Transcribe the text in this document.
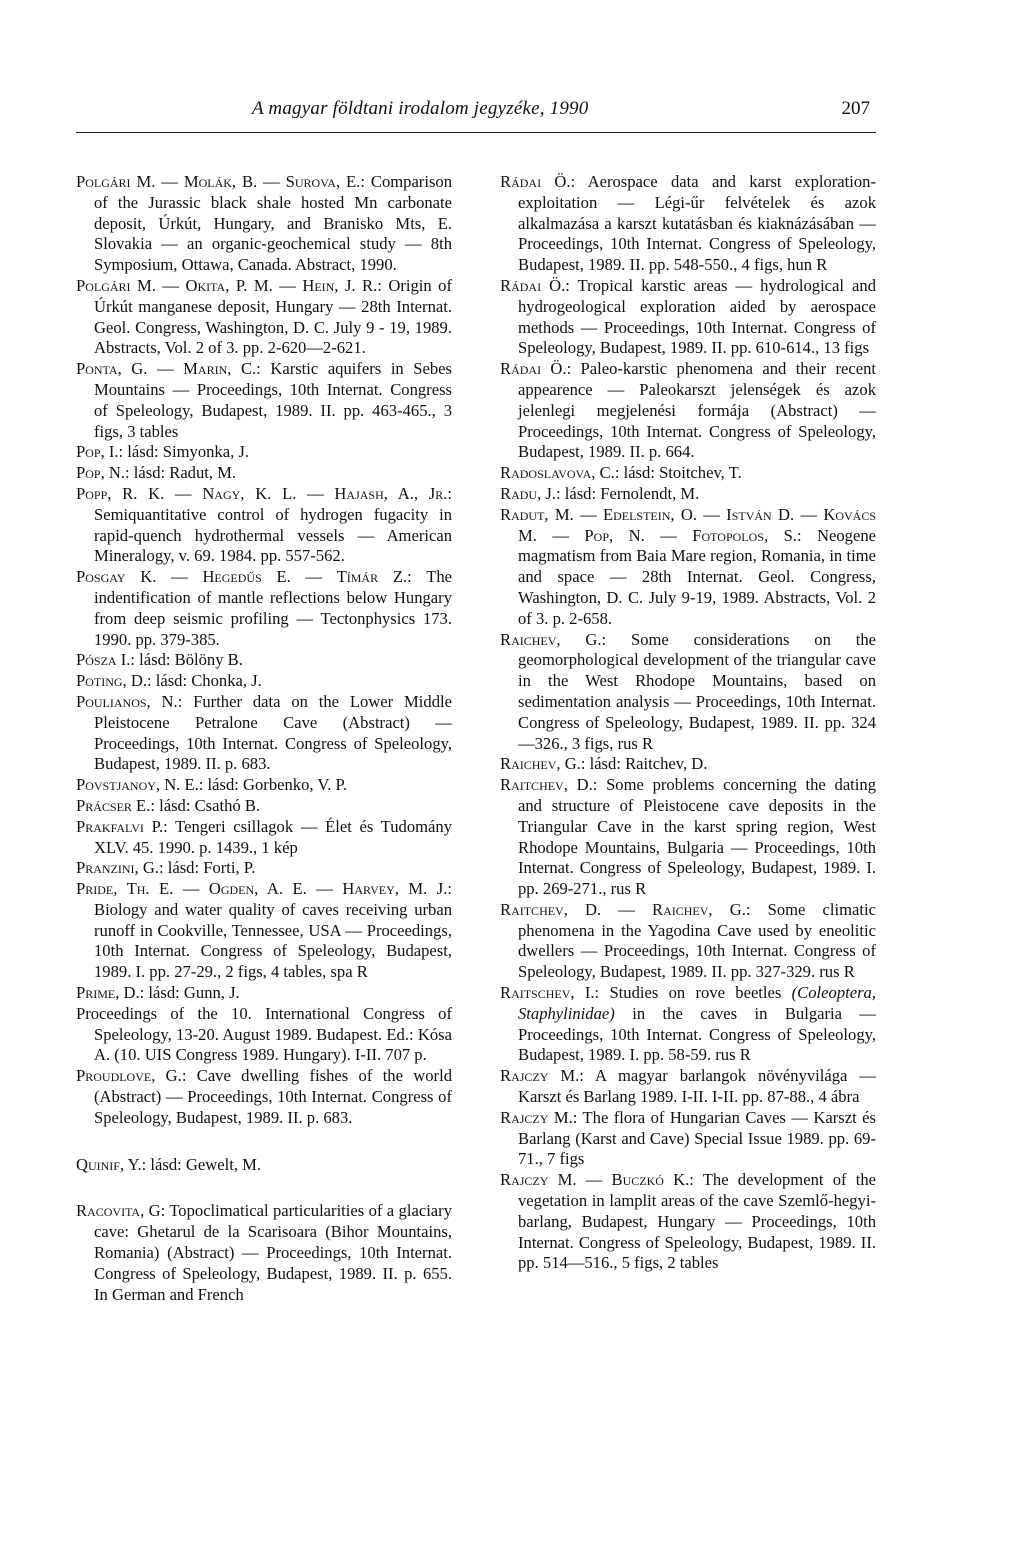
A magyar földtani irodalom jegyzéke, 1990	207

Polgári M. — Molák, B. — Surova, E.: Comparison of the Jurassic black shale hosted Mn carbonate deposit, Úrkút, Hungary, and Branisko Mts, E. Slovakia — an organic-geochemical study — 8th Symposium, Ottawa, Canada. Abstract, 1990.

Polgári M. — Okita, P. M. — Hein, J. R.: Origin of Úrkút manganese deposit, Hungary — 28th Internat. Geol. Congress, Washington, D. C. July 9 - 19, 1989. Abstracts, Vol. 2 of 3. pp. 2-620—2-621.

Ponta, G. — Marin, C.: Karstic aquifers in Sebes Mountains — Proceedings, 10th Internat. Congress of Speleology, Budapest, 1989. II. pp. 463-465., 3 figs, 3 tables

Pop, I.: lásd: Simyonka, J.

Pop, N.: lásd: Radut, M.

Popp, R. K. — Nagy, K. L. — Hajash, A., Jr.: Semiquantitative control of hydrogen fugacity in rapid-quench hydrothermal vessels — American Mineralogy, v. 69. 1984. pp. 557-562.

Posgay K. — Hegedűs E. — Tímár Z.: The indentification of mantle reflections below Hungary from deep seismic profiling — Tectonphysics 173. 1990. pp. 379-385.

Pósza I.: lásd: Bölöny B.

Poting, D.: lásd: Chonka, J.

Poulianos, N.: Further data on the Lower Middle Pleistocene Petralone Cave (Abstract) — Proceedings, 10th Internat. Congress of Speleology, Budapest, 1989. II. p. 683.

Povstjanoy, N. E.: lásd: Gorbenko, V. P.

Prácser E.: lásd: Csathó B.

Prakfalvi P.: Tengeri csillagok — Élet és Tudomány XLV. 45. 1990. p. 1439., 1 kép

Pranzini, G.: lásd: Forti, P.

Pride, Th. E. — Ogden, A. E. — Harvey, M. J.: Biology and water quality of caves receiving urban runoff in Cookville, Tennessee, USA — Proceedings, 10th Internat. Congress of Speleology, Budapest, 1989. I. pp. 27-29., 2 figs, 4 tables, spa R

Prime, D.: lásd: Gunn, J.

Proceedings of the 10. International Congress of Speleology, 13-20. August 1989. Budapest. Ed.: Kósa A. (10. UIS Congress 1989. Hungary). I-II. 707 p.

Proudlove, G.: Cave dwelling fishes of the world (Abstract) — Proceedings, 10th Internat. Congress of Speleology, Budapest, 1989. II. p. 683.

Quinif, Y.: lásd: Gewelt, M.

Racovita, G: Topoclimatical particularities of a glaciary cave: Ghetarul de la Scarisoara (Bihor Mountains, Romania) (Abstract) — Proceedings, 10th Internat. Congress of Speleology, Budapest, 1989. II. p. 655. In German and French

Rádai Ö.: Aerospace data and karst exploration-exploitation — Légi-űr felvételek és azok alkalmazása a karszt kutatásban és kiaknázásában — Proceedings, 10th Internat. Congress of Speleology, Budapest, 1989. II. pp. 548-550., 4 figs, hun R

Rádai Ö.: Tropical karstic areas — hydrological and hydrogeological exploration aided by aerospace methods — Proceedings, 10th Internat. Congress of Speleology, Budapest, 1989. II. pp. 610-614., 13 figs

Rádai Ö.: Paleo-karstic phenomena and their recent appearence — Paleokarszt jelenségek és azok jelenlegi megjelenési formája (Abstract) — Proceedings, 10th Internat. Congress of Speleology, Budapest, 1989. II. p. 664.

Radoslavova, C.: lásd: Stoitchev, T.

Radu, J.: lásd: Fernolendt, M.

Radut, M. — Edelstein, O. — István D. — Kovács M. — Pop, N. — Fotopolos, S.: Neogene magmatism from Baia Mare region, Romania, in time and space — 28th Internat. Geol. Congress, Washington, D. C. July 9-19, 1989. Abstracts, Vol. 2 of 3. p. 2-658.

Raichev, G.: Some considerations on the geomorphological development of the triangular cave in the West Rhodope Mountains, based on sedimentation analysis — Proceedings, 10th Internat. Congress of Speleology, Budapest, 1989. II. pp. 324—326., 3 figs, rus R

Raichev, G.: lásd: Raitchev, D.

Raitchev, D.: Some problems concerning the dating and structure of Pleistocene cave deposits in the Triangular Cave in the karst spring region, West Rhodope Mountains, Bulgaria — Proceedings, 10th Internat. Congress of Speleology, Budapest, 1989. I. pp. 269-271., rus R

Raitchev, D. — Raichev, G.: Some climatic phenomena in the Yagodina Cave used by eneolitic dwellers — Proceedings, 10th Internat. Congress of Speleology, Budapest, 1989. II. pp. 327-329. rus R

Raitschev, I.: Studies on rove beetles (Coleoptera, Staphylinidae) in the caves in Bulgaria — Proceedings, 10th Internat. Congress of Speleology, Budapest, 1989. I. pp. 58-59. rus R

Rajczy M.: A magyar barlangok növényvilága — Karszt és Barlang 1989. I-II. I-II. pp. 87-88., 4 ábra

Rajczy M.: The flora of Hungarian Caves — Karszt és Barlang (Karst and Cave) Special Issue 1989. pp. 69-71., 7 figs

Rajczy M. — Buczkó K.: The development of the vegetation in lamplit areas of the cave Szemlő-hegyi-barlang, Budapest, Hungary — Proceedings, 10th Internat. Congress of Speleology, Budapest, 1989. II. pp. 514—516., 5 figs, 2 tables
